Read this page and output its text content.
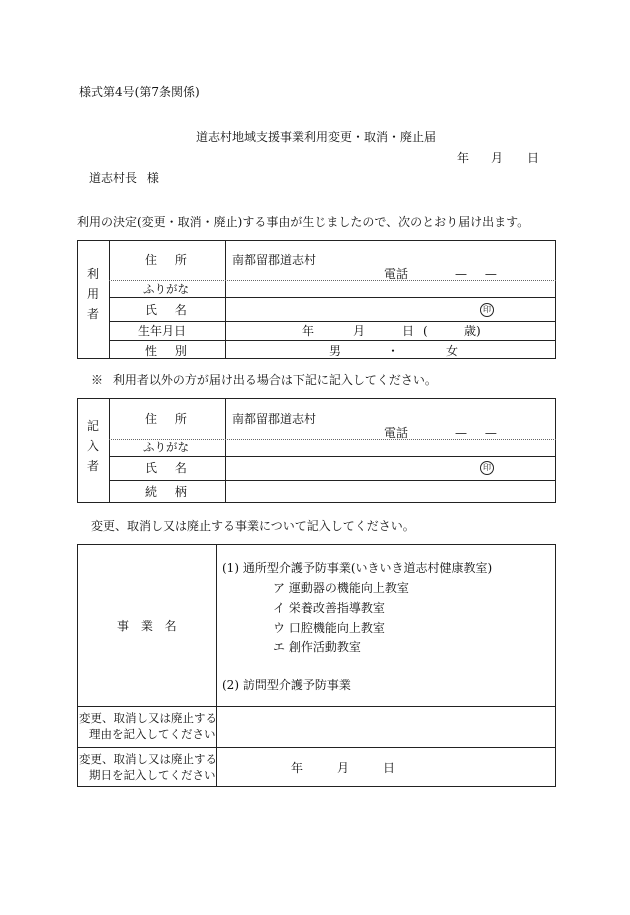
様式第4号(第7条関係)
道志村地域支援事業利用変更・取消・廃止届
年 月 日
道志村長 様
利用の決定(変更・取消・廃止)する事由が生じましたので、次のとおり届け出ます。
利
用
者
住 所	南都留郡道志村
電話	— —
ふりがな
氏 名	印
生年月日	年	月	日 (	歳)
性 別	男	・	女
※ 利用者以外の方が届け出る場合は下記に記入してください。
記
入
者
住 所	南都留郡道志村
電話	— —
ふりがな
氏 名	印
続 柄
変更、取消し又は廃止する事業について記入してください。
事 業 名
(1) 通所型介護予防事業(いきいき道志村健康教室)
ア 運動器の機能向上教室
イ 栄養改善指導教室
ウ 口腔機能向上教室
エ 創作活動教室
(2) 訪問型介護予防事業
変更、取消し又は廃止する
理由を記入してください
変更、取消し又は廃止する
期日を記入してください	年	月	日
